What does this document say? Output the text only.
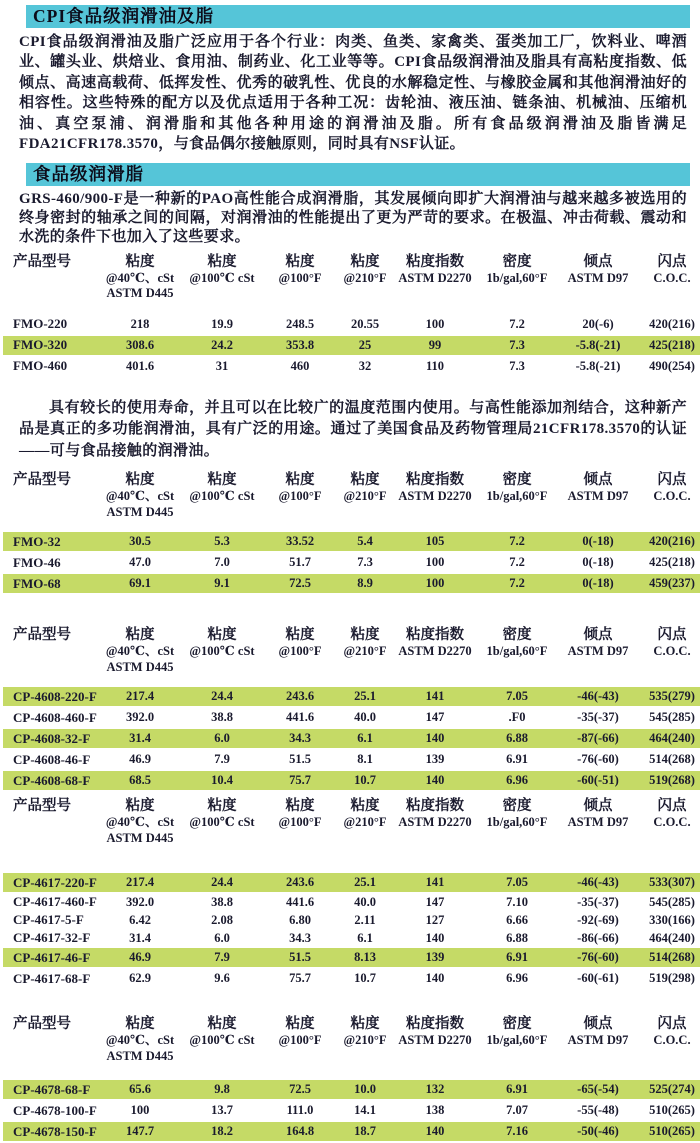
CPI食品级润滑油及脂

CPI食品级润滑油及脂广泛应用于各个行业：肉类、鱼类、家禽类、蛋类加工厂，饮料业、啤酒业、罐头业、烘焙业、食用油、制药业、化工业等等。CPI食品级润滑油及脂具有高粘度指数、低倾点、高速高载荷、低挥发性、优秀的破乳性、优良的水解稳定性、与橡胶金属和其他润滑油好的相容性。这些特殊的配方以及优点适用于各种工况：齿轮油、液压油、链条油、机械油、压缩机油、真空泵浦、润滑脂和其他各种用途的润滑油及脂。所有食品级润滑油及脂皆满足FDA21CFR178.3570，与食品偶尔接触原则，同时具有NSF认证。

食品级润滑脂

GRS-460/900-F是一种新的PAO高性能合成润滑脂，其发展倾向即扩大润滑油与越来越多被选用的终身密封的轴承之间的间隔，对润滑油的性能提出了更为严苛的要求。在极温、冲击荷载、震动和水洗的条件下也加入了这些要求。

产品型号	粘度
@40℃、cSt
ASTM D445

粘度
@100℃ cSt

粘度
@100°F

粘度
@210°F

粘度指数
ASTM D2270

密度
1b/gal,60°F

倾点
ASTM D97

闪点
C.O.C.

FMO-220	218	19.9	248.5	20.55	100	7.2	20(-6)	420(216)
FMO-320	308.6	24.2	353.8	25	99	7.3	-5.8(-21)	425(218)
FMO-460	401.6	31	460	32	110	7.3	-5.8(-21)	490(254)

具有较长的使用寿命，并且可以在比较广的温度范围内使用。与高性能添加剂结合，这种新产品是真正的多功能润滑油，具有广泛的用途。通过了美国食品及药物管理局21CFR178.3570的认证——可与食品接触的润滑油。

产品型号	粘度
@40℃、cSt
ASTM D445

粘度
@100℃ cSt

粘度
@100°F

粘度
@210°F

粘度指数
ASTM D2270

密度
1b/gal,60°F

倾点
ASTM D97

闪点
C.O.C.

FMO-32	30.5	5.3	33.52	5.4	105	7.2	0(-18)	420(216)
FMO-46	47.0	7.0	51.7	7.3	100	7.2	0(-18)	425(218)
FMO-68	69.1	9.1	72.5	8.9	100	7.2	0(-18)	459(237)
产品型号	粘度
@40℃、cSt
ASTM D445

粘度
@100℃ cSt

粘度
@100°F

粘度
@210°F

粘度指数
ASTM D2270

密度
1b/gal,60°F

倾点
ASTM D97

闪点
C.O.C.

CP-4608-220-F	217.4	24.4	243.6	25.1	141	7.05	-46(-43)	535(279)
CP-4608-460-F	392.0	38.8	441.6	40.0	147	.F0	-35(-37)	545(285)
CP-4608-32-F	31.4	6.0	34.3	6.1	140	6.88	-87(-66)	464(240)
CP-4608-46-F	46.9	7.9	51.5	8.1	139	6.91	-76(-60)	514(268)
CP-4608-68-F	68.5	10.4	75.7	10.7	140	6.96	-60(-51)	519(268)
产品型号	粘度
@40℃、cSt
ASTM D445

粘度
@100℃ cSt

粘度
@100°F

粘度
@210°F

粘度指数
ASTM D2270

密度
1b/gal,60°F

倾点
ASTM D97

闪点
C.O.C.

CP-4617-220-F	217.4	24.4	243.6	25.1	141	7.05	-46(-43)	533(307)
CP-4617-460-F	392.0	38.8	441.6	40.0	147	7.10	-35(-37)	545(285)
CP-4617-5-F	6.42	2.08	6.80	2.11	127	6.66	-92(-69)	330(166)
CP-4617-32-F	31.4	6.0	34.3	6.1	140	6.88	-86(-66)	464(240)
CP-4617-46-F	46.9	7.9	51.5	8.13	139	6.91	-76(-60)	514(268)
CP-4617-68-F	62.9	9.6	75.7	10.7	140	6.96	-60(-61)	519(298)
产品型号	粘度
@40℃、cSt
ASTM D445

粘度
@100℃ cSt

粘度
@100°F

粘度
@210°F

粘度指数
ASTM D2270

密度
1b/gal,60°F

倾点
ASTM D97

闪点
C.O.C.

CP-4678-68-F	65.6	9.8	72.5	10.0	132	6.91	-65(-54)	525(274)
CP-4678-100-F	100	13.7	111.0	14.1	138	7.07	-55(-48)	510(265)
CP-4678-150-F	147.7	18.2	164.8	18.7	140	7.16	-50(-46)	510(265)
